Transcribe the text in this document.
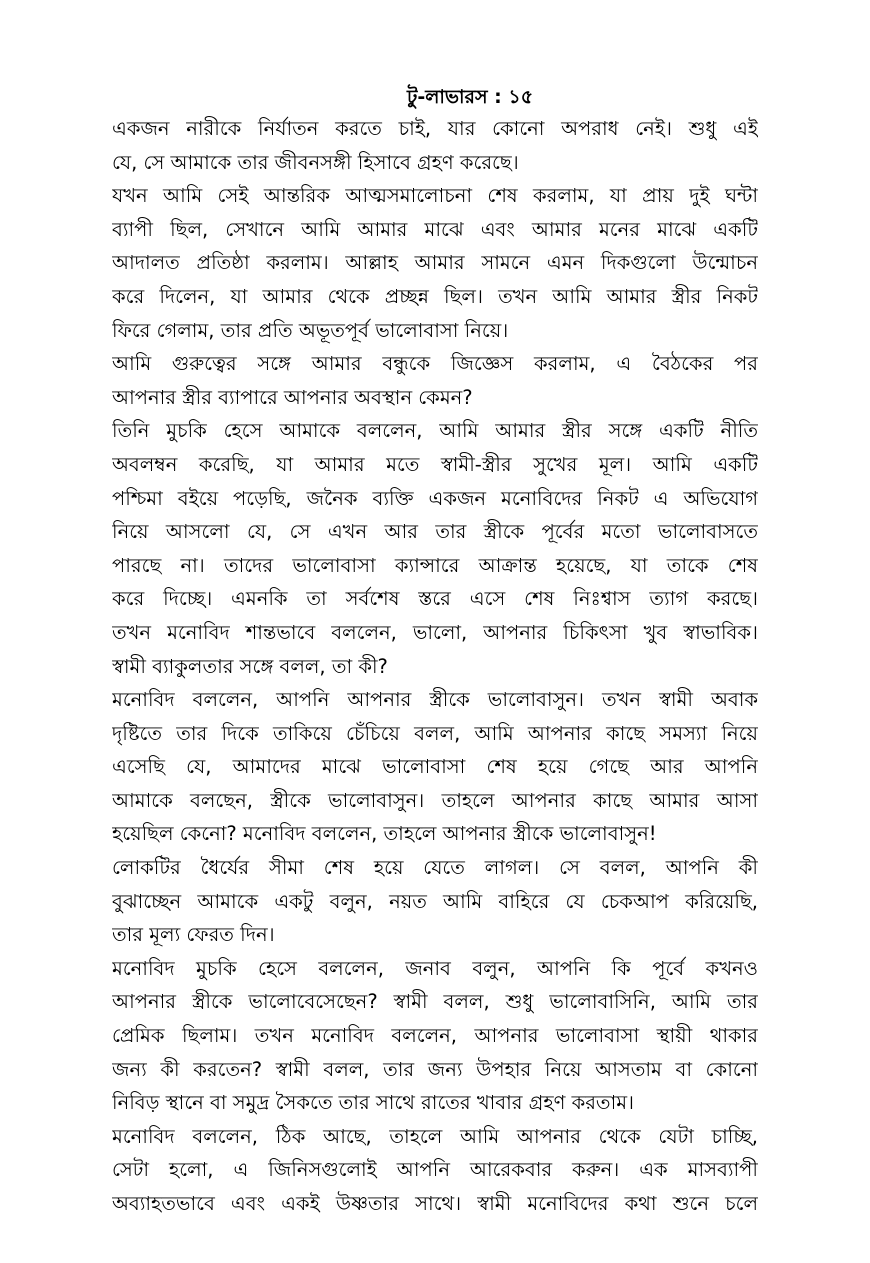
টু-লাভারস : ১৫
একজন নারীকে নির্যাতন করতে চাই, যার কোনো অপরাধ নেই। শুধু এই
যে, সে আমাকে তার জীবনসঙ্গী হিসাবে গ্রহণ করেছে।
যখন আমি সেই আন্তরিক আত্মসমালোচনা শেষ করলাম, যা প্রায় দুই ঘন্টা
ব্যাপী ছিল, সেখানে আমি আমার মাঝে এবং আমার মনের মাঝে একটি
আদালত প্রতিষ্ঠা করলাম। আল্লাহ আমার সামনে এমন দিকগুলো উন্মোচন
করে দিলেন, যা আমার থেকে প্রচ্ছন্ন ছিল। তখন আমি আমার স্ত্রীর নিকট
ফিরে গেলাম, তার প্রতি অভূতপূর্ব ভালোবাসা নিয়ে।
আমি গুরুত্বের সঙ্গে আমার বন্ধুকে জিজ্ঞেস করলাম, এ বৈঠকের পর
আপনার স্ত্রীর ব্যাপারে আপনার অবস্থান কেমন?
তিনি মুচকি হেসে আমাকে বললেন, আমি আমার স্ত্রীর সঙ্গে একটি নীতি
অবলম্বন করেছি, যা আমার মতে স্বামী-স্ত্রীর সুখের মূল। আমি একটি
পশ্চিমা বইয়ে পড়েছি, জনৈক ব্যক্তি একজন মনোবিদের নিকট এ অভিযোগ
নিয়ে আসলো যে, সে এখন আর তার স্ত্রীকে পূর্বের মতো ভালোবাসতে
পারছে না। তাদের ভালোবাসা ক্যান্সারে আক্রান্ত হয়েছে, যা তাকে শেষ
করে দিচ্ছে। এমনকি তা সর্বশেষ স্তরে এসে শেষ নিঃশ্বাস ত্যাগ করছে।
তখন মনোবিদ শান্তভাবে বললেন, ভালো, আপনার চিকিৎসা খুব স্বাভাবিক।
স্বামী ব্যাকুলতার সঙ্গে বলল, তা কী?
মনোবিদ বললেন, আপনি আপনার স্ত্রীকে ভালোবাসুন। তখন স্বামী অবাক
দৃষ্টিতে তার দিকে তাকিয়ে চেঁচিয়ে বলল, আমি আপনার কাছে সমস্যা নিয়ে
এসেছি যে, আমাদের মাঝে ভালোবাসা শেষ হয়ে গেছে আর আপনি
আমাকে বলছেন, স্ত্রীকে ভালোবাসুন। তাহলে আপনার কাছে আমার আসা
হয়েছিল কেনো? মনোবিদ বললেন, তাহলে আপনার স্ত্রীকে ভালোবাসুন!
লোকটির ধৈর্যের সীমা শেষ হয়ে যেতে লাগল। সে বলল, আপনি কী
বুঝাচ্ছেন আমাকে একটু বলুন, নয়ত আমি বাহিরে যে চেকআপ করিয়েছি,
তার মূল্য ফেরত দিন।
মনোবিদ মুচকি হেসে বললেন, জনাব বলুন, আপনি কি পূর্বে কখনও
আপনার স্ত্রীকে ভালোবেসেছেন? স্বামী বলল, শুধু ভালোবাসিনি, আমি তার
প্রেমিক ছিলাম। তখন মনোবিদ বললেন, আপনার ভালোবাসা স্থায়ী থাকার
জন্য কী করতেন? স্বামী বলল, তার জন্য উপহার নিয়ে আসতাম বা কোনো
নিবিড় স্থানে বা সমুদ্র সৈকতে তার সাথে রাতের খাবার গ্রহণ করতাম।
মনোবিদ বললেন, ঠিক আছে, তাহলে আমি আপনার থেকে যেটা চাচ্ছি,
সেটা হলো, এ জিনিসগুলোই আপনি আরেকবার করুন। এক মাসব্যাপী
অব্যাহতভাবে এবং একই উষ্ণতার সাথে। স্বামী মনোবিদের কথা শুনে চলে
